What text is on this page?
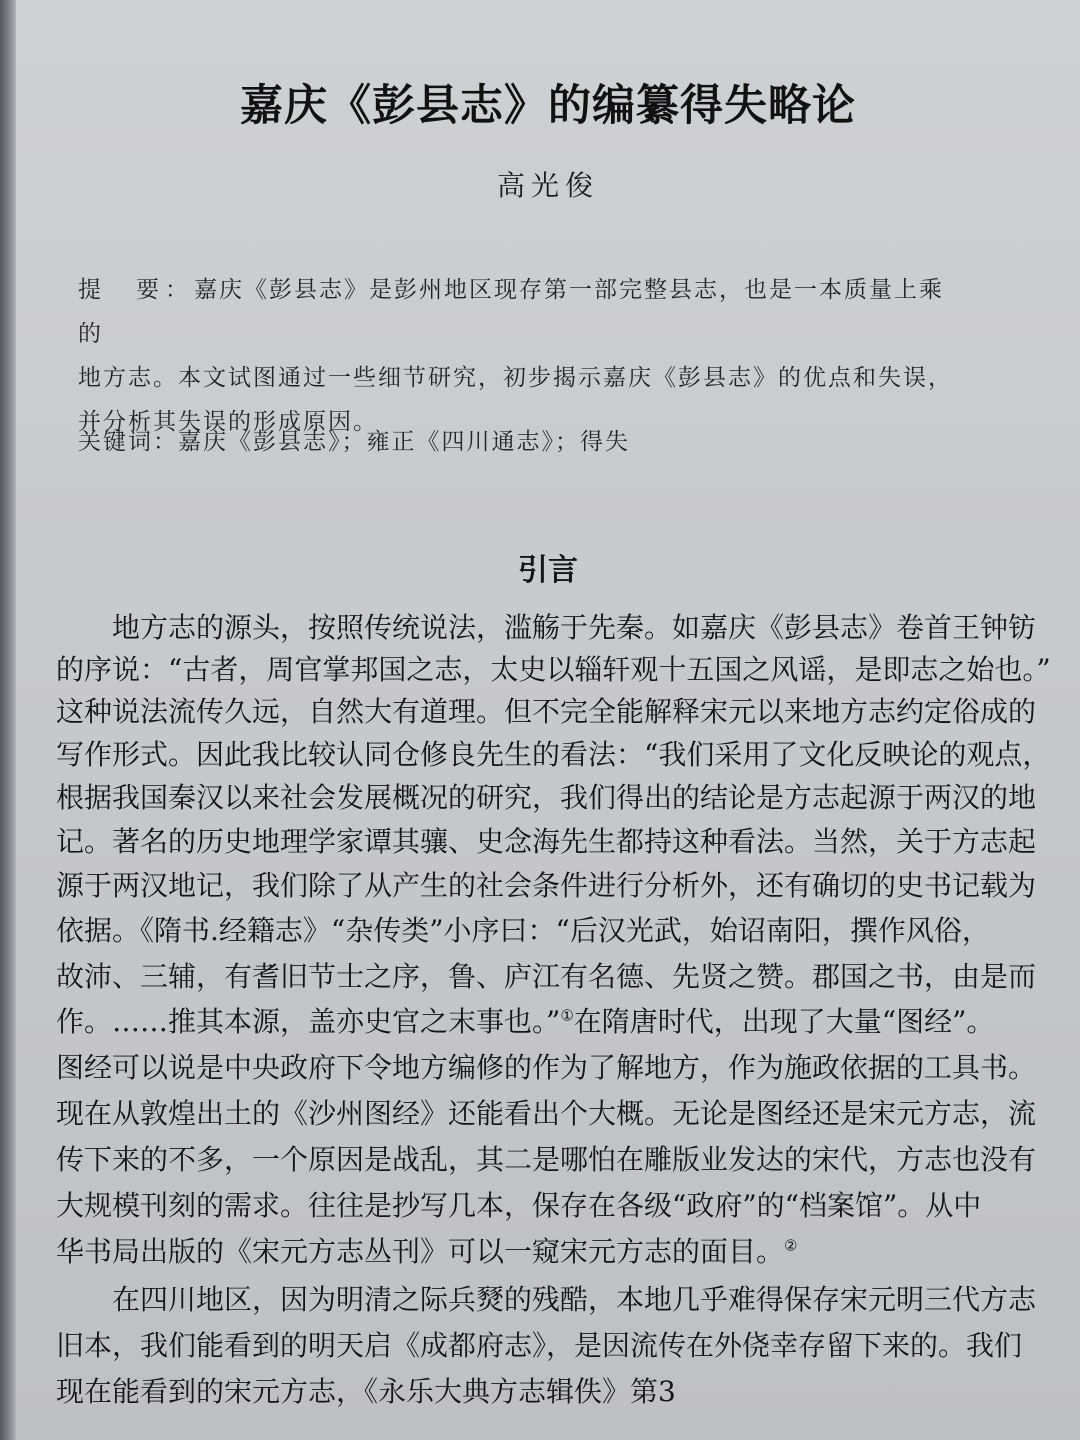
嘉庆《彭县志》的编纂得失略论
高光俊
提　要：嘉庆《彭县志》是彭州地区现存第一部完整县志，也是一本质量上乘的
地方志。本文试图通过一些细节研究，初步揭示嘉庆《彭县志》的优点和失误，
并分析其失误的形成原因。
关键词：嘉庆《彭县志》；雍正《四川通志》；得失
引言
　　地方志的源头，按照传统说法，滥觞于先秦。如嘉庆《彭县志》卷首王钟钫
的序说：“古者，周官掌邦国之志，太史以辎轩观十五国之风谣，是即志之始也。”
这种说法流传久远，自然大有道理。但不完全能解释宋元以来地方志约定俗成的
写作形式。因此我比较认同仓修良先生的看法：“我们采用了文化反映论的观点，
根据我国秦汉以来社会发展概况的研究，我们得出的结论是方志起源于两汉的地
记。著名的历史地理学家谭其骧、史念海先生都持这种看法。当然，关于方志起
源于两汉地记，我们除了从产生的社会条件进行分析外，还有确切的史书记载为
依据。《隋书.经籍志》“杂传类”小序曰：“后汉光武，始诏南阳，撰作风俗，
故沛、三辅，有耆旧节士之序，鲁、庐江有名德、先贤之赞。郡国之书，由是而
作。……推其本源，盖亦史官之末事也。”①在隋唐时代，出现了大量“图经”。
图经可以说是中央政府下令地方编修的作为了解地方，作为施政依据的工具书。
现在从敦煌出土的《沙州图经》还能看出个大概。无论是图经还是宋元方志，流
传下来的不多，一个原因是战乱，其二是哪怕在雕版业发达的宋代，方志也没有
大规模刊刻的需求。往往是抄写几本，保存在各级“政府”的“档案馆”。从中
华书局出版的《宋元方志丛刊》可以一窥宋元方志的面目。②
　　在四川地区，因为明清之际兵燹的残酷，本地几乎难得保存宋元明三代方志
旧本，我们能看到的明天启《成都府志》，是因流传在外侥幸存留下来的。我们
现在能看到的宋元方志，《永乐大典方志辑佚》第3
